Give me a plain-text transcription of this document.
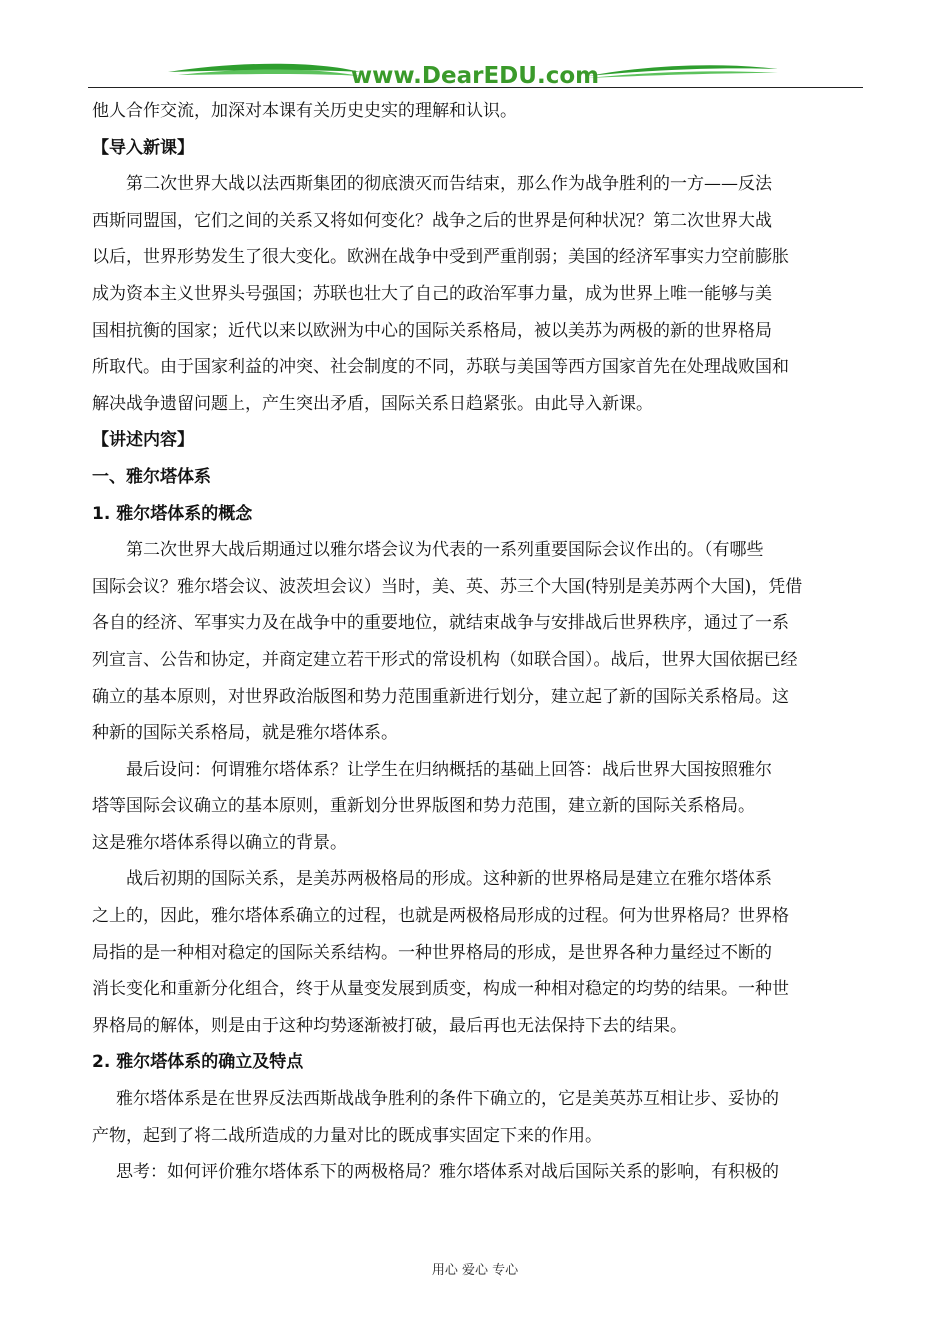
www.DearEDU.com
他人合作交流，加深对本课有关历史史实的理解和认识。
【导入新课】
第二次世界大战以法西斯集团的彻底溃灭而告结束，那么作为战争胜利的一方——反法
西斯同盟国，它们之间的关系又将如何变化？战争之后的世界是何种状况？第二次世界大战
以后，世界形势发生了很大变化。欧洲在战争中受到严重削弱；美国的经济军事实力空前膨胀
成为资本主义世界头号强国；苏联也壮大了自己的政治军事力量，成为世界上唯一能够与美
国相抗衡的国家；近代以来以欧洲为中心的国际关系格局，被以美苏为两极的新的世界格局
所取代。由于国家利益的冲突、社会制度的不同，苏联与美国等西方国家首先在处理战败国和
解决战争遗留问题上，产生突出矛盾，国际关系日趋紧张。由此导入新课。
【讲述内容】
一、雅尔塔体系
1. 雅尔塔体系的概念
第二次世界大战后期通过以雅尔塔会议为代表的一系列重要国际会议作出的。（有哪些
国际会议？雅尔塔会议、波茨坦会议）当时，美、英、苏三个大国(特别是美苏两个大国)，凭借
各自的经济、军事实力及在战争中的重要地位，就结束战争与安排战后世界秩序，通过了一系
列宣言、公告和协定，并商定建立若干形式的常设机构（如联合国）。战后，世界大国依据已经
确立的基本原则，对世界政治版图和势力范围重新进行划分，建立起了新的国际关系格局。这
种新的国际关系格局，就是雅尔塔体系。
最后设问：何谓雅尔塔体系？让学生在归纳概括的基础上回答：战后世界大国按照雅尔
塔等国际会议确立的基本原则，重新划分世界版图和势力范围，建立新的国际关系格局。
这是雅尔塔体系得以确立的背景。
战后初期的国际关系，是美苏两极格局的形成。这种新的世界格局是建立在雅尔塔体系
之上的，因此，雅尔塔体系确立的过程，也就是两极格局形成的过程。何为世界格局？世界格
局指的是一种相对稳定的国际关系结构。一种世界格局的形成，是世界各种力量经过不断的
消长变化和重新分化组合，终于从量变发展到质变，构成一种相对稳定的均势的结果。一种世
界格局的解体，则是由于这种均势逐渐被打破，最后再也无法保持下去的结果。
2. 雅尔塔体系的确立及特点
雅尔塔体系是在世界反法西斯战战争胜利的条件下确立的，它是美英苏互相让步、妥协的
产物，起到了将二战所造成的力量对比的既成事实固定下来的作用。
思考：如何评价雅尔塔体系下的两极格局？雅尔塔体系对战后国际关系的影响，有积极的
用心 爱心 专心
